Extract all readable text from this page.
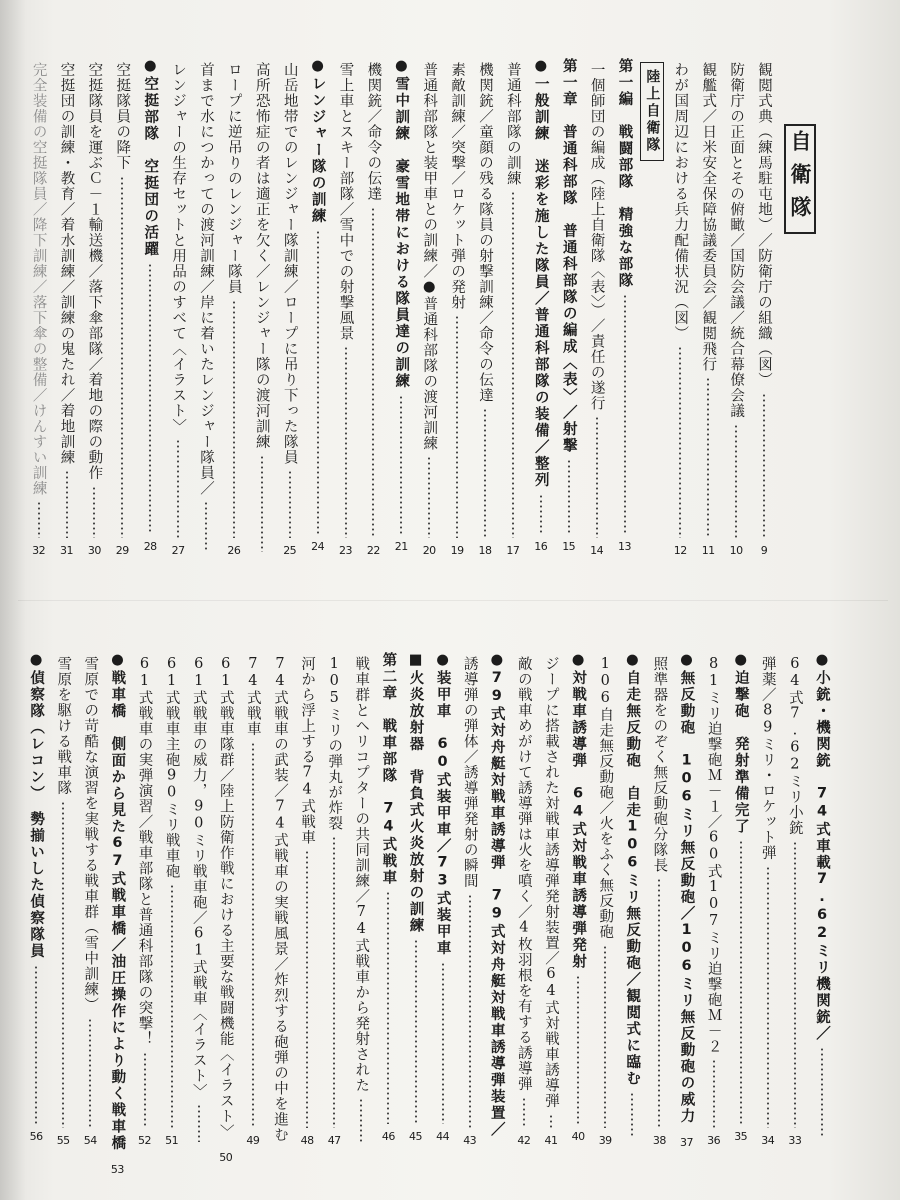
自衛隊
観閲式典（練馬駐屯地）／防衛庁の組織（図）
9
防衛庁の正面とその俯瞰／国防会議／統合幕僚会議
10
観艦式／日米安全保障協議委員会／観閲飛行
11
わが国周辺における兵力配備状況（図）
12
陸上自衛隊
第一編　戦闘部隊　精強な部隊
13
一個師団の編成（陸上自衛隊〈表〉）／責任の遂行
14
第一章　普通科部隊　普通科部隊の編成〈表〉／射撃
15
●一般訓練　迷彩を施した隊員／普通科部隊の装備／整列
16
普通科部隊の訓練
17
機関銃／童顔の残る隊員の射撃訓練／命令の伝達
18
素敵訓練／突撃／ロケット弾の発射
19
普通科部隊と装甲車との訓練／●普通科部隊の渡河訓練
20
●雪中訓練　豪雪地帯における隊員達の訓練
21
機関銃／命令の伝達
22
雪上車とスキー部隊／雪中での射撃風景
23
●レンジャー隊の訓練
24
山岳地帯でのレンジャー隊訓練／ロープに吊り下った隊員
25
高所恐怖症の者は適正を欠く／レンジャー隊の渡河訓練
ロープに逆吊りのレンジャー隊員
26
首まで水につかっての渡河訓練／岸に着いたレンジャー隊員／
レンジャーの生存セットと用品のすべて〈イラスト〉
27
●空挺部隊　空挺団の活躍
28
空挺隊員の降下
29
空挺隊員を運ぶＣ－１輸送機／落下傘部隊／着地の際の動作
30
空挺団の訓練・教育／着水訓練／訓練の鬼たれ／着地訓練
31
完全装備の空挺隊員／降下訓練／落下傘の整備／けんすい訓練
32
●小銃・機関銃　74式車載7.62ミリ機関銃／
64式7.62ミリ小銃
33
弾薬／89ミリ・ロケット弾
34
●迫撃砲　発射準備完了
35
81ミリ迫撃砲Ｍ－１／60式107ミリ迫撃砲Ｍ－２
36
●無反動砲　106ミリ無反動砲／106ミリ無反動砲の威力
37
照準器をのぞく無反動砲分隊長
38
●自走無反動砲　自走106ミリ無反動砲／観閲式に臨む
106自走無反動砲／火をふく無反動砲
39
●対戦車誘導弾　64式対戦車誘導弾発射
40
ジープに搭載された対戦車誘導弾発射装置／64式対戦車誘導弾
41
敵の戦車めがけて誘導弾は火を噴く／4枚羽根を有する誘導弾
42
●79式対舟艇対戦車誘導弾　79式対舟艇対戦車誘導弾装置／
誘導弾の弾体／誘導弾発射の瞬間
43
●装甲車　60式装甲車／73式装甲車
44
■火炎放射器　背負式火炎放射の訓練
45
第二章　戦車部隊　74式戦車
46
戦車群とヘリコプターの共同訓練／74式戦車から発射された
105ミリの弾丸が炸裂
47
河から浮上する74式戦車
48
74式戦車の武装／74式戦車の実戦風景／炸烈する砲弾の中を進む
74式戦車
49
61式戦車隊群／陸上防衛作戦における主要な戦闘機能〈イラスト〉
50
61式戦車の威力，90ミリ戦車砲／61式戦車〈イラスト〉
61式戦車主砲90ミリ戦車砲
51
61式戦車の実弾演習／戦車部隊と普通科部隊の突撃！
52
●戦車橋　側面から見た67式戦車橋／油圧操作により動く戦車橋
53
雪原での苛酷な演習を実戦する戦車群（雪中訓練）
54
雪原を駆ける戦車隊
55
●偵察隊（レコン）　勢揃いした偵察隊員
56
